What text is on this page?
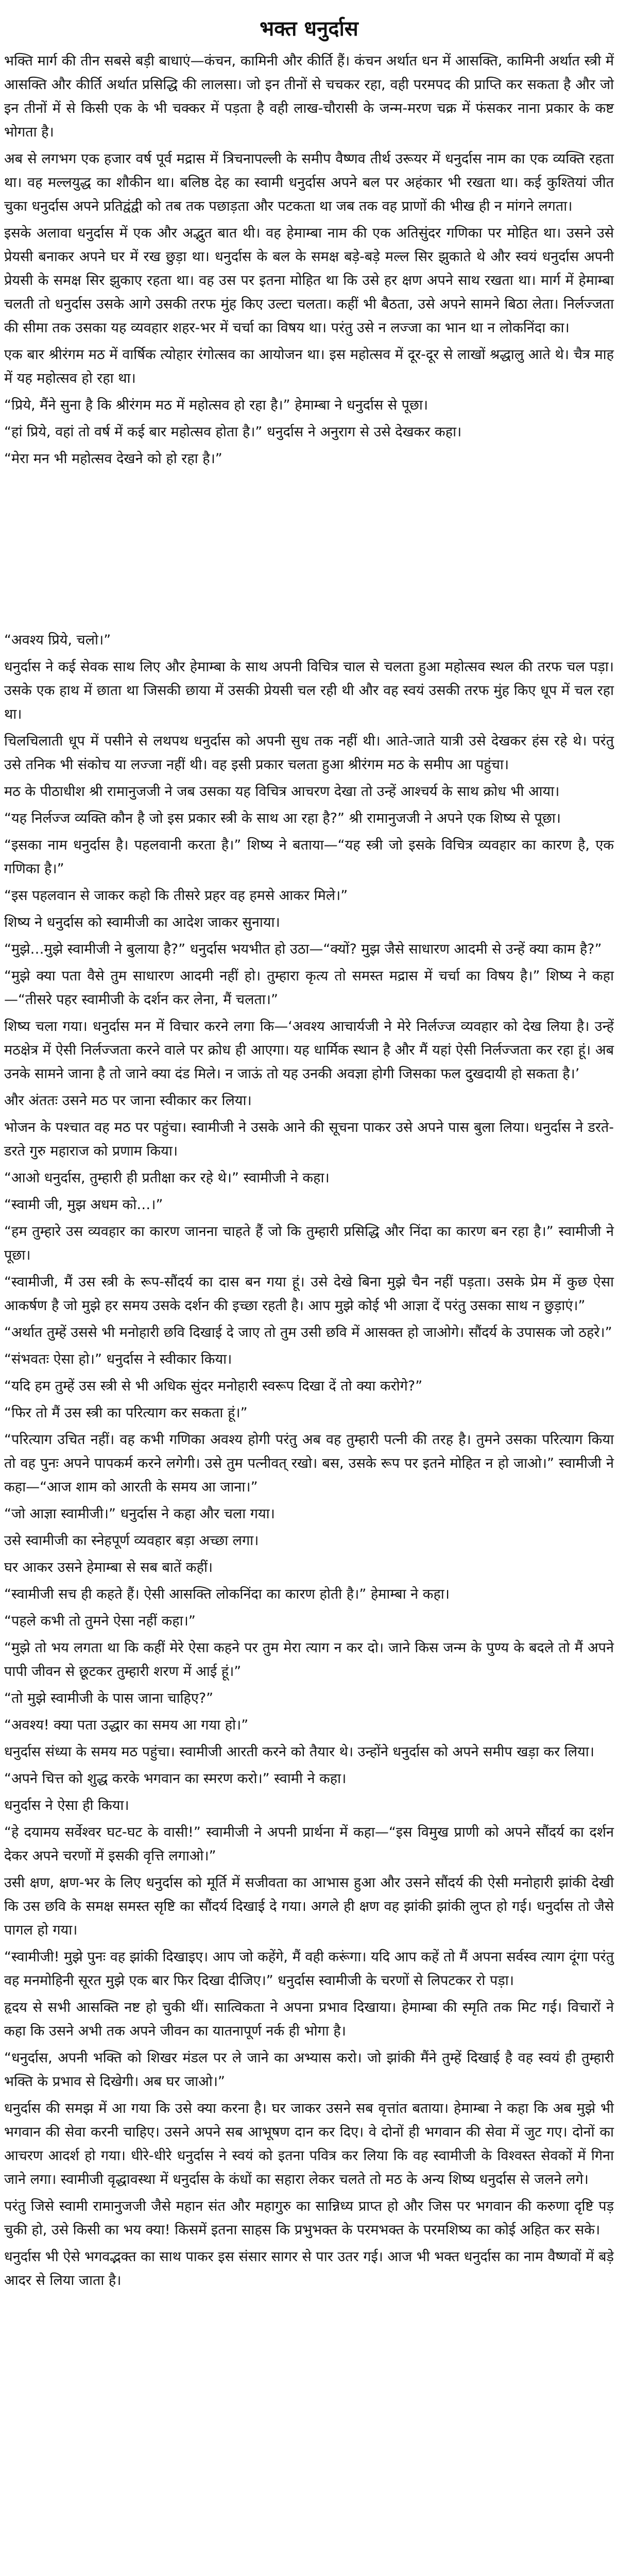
भक्त धनुर्दास

भक्ति मार्ग की तीन सबसे बड़ी बाधाएं—कंचन, कामिनी और कीर्ति हैं। कंचन अर्थात धन में आसक्ति, कामिनी अर्थात स्त्री में आसक्ति और कीर्ति अर्थात प्रसिद्धि की लालसा। जो इन तीनों से चचकर रहा, वही परमपद की प्राप्ति कर सकता है और जो इन तीनों में से किसी एक के भी चक्कर में पड़ता है वही लाख-चौरासी के जन्म-मरण चक्र में फंसकर नाना प्रकार के कष्ट भोगता है।

अब से लगभग एक हजार वर्ष पूर्व मद्रास में त्रिचनापल्ली के समीप वैष्णव तीर्थ उरूयर में धनुर्दास नाम का एक व्यक्ति रहता था। वह मल्लयुद्ध का शौकीन था। बलिष्ठ देह का स्वामी धनुर्दास अपने बल पर अहंकार भी रखता था। कई कुश्तियां जीत चुका धनुर्दास अपने प्रतिद्वंद्वी को तब तक पछाड़ता और पटकता था जब तक वह प्राणों की भीख ही न मांगने लगता।

इसके अलावा धनुर्दास में एक और अद्भुत बात थी। वह हेमाम्बा नाम की एक अतिसुंदर गणिका पर मोहित था। उसने उसे प्रेयसी बनाकर अपने घर में रख छुड़ा था। धनुर्दास के बल के समक्ष बड़े-बड़े मल्ल सिर झुकाते थे और स्वयं धनुर्दास अपनी प्रेयसी के समक्ष सिर झुकाए रहता था। वह उस पर इतना मोहित था कि उसे हर क्षण अपने साथ रखता था। मार्ग में हेमाम्बा चलती तो धनुर्दास उसके आगे उसकी तरफ मुंह किए उल्टा चलता। कहीं भी बैठता, उसे अपने सामने बिठा लेता। निर्लज्जता की सीमा तक उसका यह व्यवहार शहर-भर में चर्चा का विषय था। परंतु उसे न लज्जा का भान था न लोकनिंदा का।

एक बार श्रीरंगम मठ में वार्षिक त्योहार रंगोत्सव का आयोजन था। इस महोत्सव में दूर-दूर से लाखों श्रद्धालु आते थे। चैत्र माह में यह महोत्सव हो रहा था।

“प्रिये, मैंने सुना है कि श्रीरंगम मठ में महोत्सव हो रहा है।” हेमाम्बा ने धनुर्दास से पूछा।

“हां प्रिये, वहां तो वर्ष में कई बार महोत्सव होता है।” धनुर्दास ने अनुराग से उसे देखकर कहा।

“मेरा मन भी महोत्सव देखने को हो रहा है।”

“अवश्य प्रिये, चलो।”

धनुर्दास ने कई सेवक साथ लिए और हेमाम्बा के साथ अपनी विचित्र चाल से चलता हुआ महोत्सव स्थल की तरफ चल पड़ा। उसके एक हाथ में छाता था जिसकी छाया में उसकी प्रेयसी चल रही थी और वह स्वयं उसकी तरफ मुंह किए धूप में चल रहा था।

चिलचिलाती धूप में पसीने से लथपथ धनुर्दास को अपनी सुध तक नहीं थी। आते-जाते यात्री उसे देखकर हंस रहे थे। परंतु उसे तनिक भी संकोच या लज्जा नहीं थी। वह इसी प्रकार चलता हुआ श्रीरंगम मठ के समीप आ पहुंचा।

मठ के पीठाधीश श्री रामानुजजी ने जब उसका यह विचित्र आचरण देखा तो उन्हें आश्चर्य के साथ क्रोध भी आया।

“यह निर्लज्ज व्यक्ति कौन है जो इस प्रकार स्त्री के साथ आ रहा है?” श्री रामानुजजी ने अपने एक शिष्य से पूछा।

“इसका नाम धनुर्दास है। पहलवानी करता है।” शिष्य ने बताया—“यह स्त्री जो इसके विचित्र व्यवहार का कारण है, एक गणिका है।”

“इस पहलवान से जाकर कहो कि तीसरे प्रहर वह हमसे आकर मिले।”

शिष्य ने धनुर्दास को स्वामीजी का आदेश जाकर सुनाया।

“मुझे…मुझे स्वामीजी ने बुलाया है?” धनुर्दास भयभीत हो उठा—“क्यों? मुझ जैसे साधारण आदमी से उन्हें क्या काम है?”

“मुझे क्या पता वैसे तुम साधारण आदमी नहीं हो। तुम्हारा कृत्य तो समस्त मद्रास में चर्चा का विषय है।” शिष्य ने कहा—“तीसरे पहर स्वामीजी के दर्शन कर लेना, मैं चलता।”

शिष्य चला गया। धनुर्दास मन में विचार करने लगा कि—‘अवश्य आचार्यजी ने मेरे निर्लज्ज व्यवहार को देख लिया है। उन्हें मठक्षेत्र में ऐसी निर्लज्जता करने वाले पर क्रोध ही आएगा। यह धार्मिक स्थान है और मैं यहां ऐसी निर्लज्जता कर रहा हूं। अब उनके सामने जाना है तो जाने क्या दंड मिले। न जाऊं तो यह उनकी अवज्ञा होगी जिसका फल दुखदायी हो सकता है।’

और अंततः उसने मठ पर जाना स्वीकार कर लिया।

भोजन के पश्चात वह मठ पर पहुंचा। स्वामीजी ने उसके आने की सूचना पाकर उसे अपने पास बुला लिया। धनुर्दास ने डरते-डरते गुरु महाराज को प्रणाम किया।

“आओ धनुर्दास, तुम्हारी ही प्रतीक्षा कर रहे थे।” स्वामीजी ने कहा।

“स्वामी जी, मुझ अधम को…।”

“हम तुम्हारे उस व्यवहार का कारण जानना चाहते हैं जो कि तुम्हारी प्रसिद्धि और निंदा का कारण बन रहा है।” स्वामीजी ने पूछा।

“स्वामीजी, मैं उस स्त्री के रूप-सौंदर्य का दास बन गया हूं। उसे देखे बिना मुझे चैन नहीं पड़ता। उसके प्रेम में कुछ ऐसा आकर्षण है जो मुझे हर समय उसके दर्शन की इच्छा रहती है। आप मुझे कोई भी आज्ञा दें परंतु उसका साथ न छुड़ाएं।”

“अर्थात तुम्हें उससे भी मनोहारी छवि दिखाई दे जाए तो तुम उसी छवि में आसक्त हो जाओगे। सौंदर्य के उपासक जो ठहरे।”

“संभवतः ऐसा हो।” धनुर्दास ने स्वीकार किया।

“यदि हम तुम्हें उस स्त्री से भी अधिक सुंदर मनोहारी स्वरूप दिखा दें तो क्या करोगे?”

“फिर तो मैं उस स्त्री का परित्याग कर सकता हूं।”

“परित्याग उचित नहीं। वह कभी गणिका अवश्य होगी परंतु अब वह तुम्हारी पत्नी की तरह है। तुमने उसका परित्याग किया तो वह पुनः अपने पापकर्म करने लगेगी। उसे तुम पत्नीवत् रखो। बस, उसके रूप पर इतने मोहित न हो जाओ।” स्वामीजी ने कहा—“आज शाम को आरती के समय आ जाना।”

“जो आज्ञा स्वामीजी।” धनुर्दास ने कहा और चला गया।

उसे स्वामीजी का स्नेहपूर्ण व्यवहार बड़ा अच्छा लगा।

घर आकर उसने हेमाम्बा से सब बातें कहीं।

“स्वामीजी सच ही कहते हैं। ऐसी आसक्ति लोकनिंदा का कारण होती है।” हेमाम्बा ने कहा।

“पहले कभी तो तुमने ऐसा नहीं कहा।”

“मुझे तो भय लगता था कि कहीं मेरे ऐसा कहने पर तुम मेरा त्याग न कर दो। जाने किस जन्म के पुण्य के बदले तो मैं अपने पापी जीवन से छूटकर तुम्हारी शरण में आई हूं।”

“तो मुझे स्वामीजी के पास जाना चाहिए?”

“अवश्य! क्या पता उद्धार का समय आ गया हो।”

धनुर्दास संध्या के समय मठ पहुंचा। स्वामीजी आरती करने को तैयार थे। उन्होंने धनुर्दास को अपने समीप खड़ा कर लिया।

“अपने चित्त को शुद्ध करके भगवान का स्मरण करो।” स्वामी ने कहा।

धनुर्दास ने ऐसा ही किया।

“हे दयामय सर्वेश्वर घट-घट के वासी!” स्वामीजी ने अपनी प्रार्थना में कहा—“इस विमुख प्राणी को अपने सौंदर्य का दर्शन देकर अपने चरणों में इसकी वृत्ति लगाओ।”

उसी क्षण, क्षण-भर के लिए धनुर्दास को मूर्ति में सजीवता का आभास हुआ और उसने सौंदर्य की ऐसी मनोहारी झांकी देखी कि उस छवि के समक्ष समस्त सृष्टि का सौंदर्य दिखाई दे गया। अगले ही क्षण वह झांकी झांकी लुप्त हो गई। धनुर्दास तो जैसे पागल हो गया।

“स्वामीजी! मुझे पुनः वह झांकी दिखाइए। आप जो कहेंगे, मैं वही करूंगा। यदि आप कहें तो मैं अपना सर्वस्व त्याग दूंगा परंतु वह मनमोहिनी सूरत मुझे एक बार फिर दिखा दीजिए।” धनुर्दास स्वामीजी के चरणों से लिपटकर रो पड़ा।

हृदय से सभी आसक्ति नष्ट हो चुकी थीं। सात्विकता ने अपना प्रभाव दिखाया। हेमाम्बा की स्मृति तक मिट गई। विचारों ने कहा कि उसने अभी तक अपने जीवन का यातनापूर्ण नर्क ही भोगा है।

“धनुर्दास, अपनी भक्ति को शिखर मंडल पर ले जाने का अभ्यास करो। जो झांकी मैंने तुम्हें दिखाई है वह स्वयं ही तुम्हारी भक्ति के प्रभाव से दिखेगी। अब घर जाओ।”

धनुर्दास की समझ में आ गया कि उसे क्या करना है। घर जाकर उसने सब वृत्तांत बताया। हेमाम्बा ने कहा कि अब मुझे भी भगवान की सेवा करनी चाहिए। उसने अपने सब आभूषण दान कर दिए। वे दोनों ही भगवान की सेवा में जुट गए। दोनों का आचरण आदर्श हो गया। धीरे-धीरे धनुर्दास ने स्वयं को इतना पवित्र कर लिया कि वह स्वामीजी के विश्वस्त सेवकों में गिना जाने लगा। स्वामीजी वृद्धावस्था में धनुर्दास के कंधों का सहारा लेकर चलते तो मठ के अन्य शिष्य धनुर्दास से जलने लगे।

परंतु जिसे स्वामी रामानुजजी जैसे महान संत और महागुरु का सान्निध्य प्राप्त हो और जिस पर भगवान की करुणा दृष्टि पड़ चुकी हो, उसे किसी का भय क्या! किसमें इतना साहस कि प्रभुभक्त के परमभक्त के परमशिष्य का कोई अहित कर सके।

धनुर्दास भी ऐसे भगवद्भक्त का साथ पाकर इस संसार सागर से पार उतर गई। आज भी भक्त धनुर्दास का नाम वैष्णवों में बड़े आदर से लिया जाता है।
